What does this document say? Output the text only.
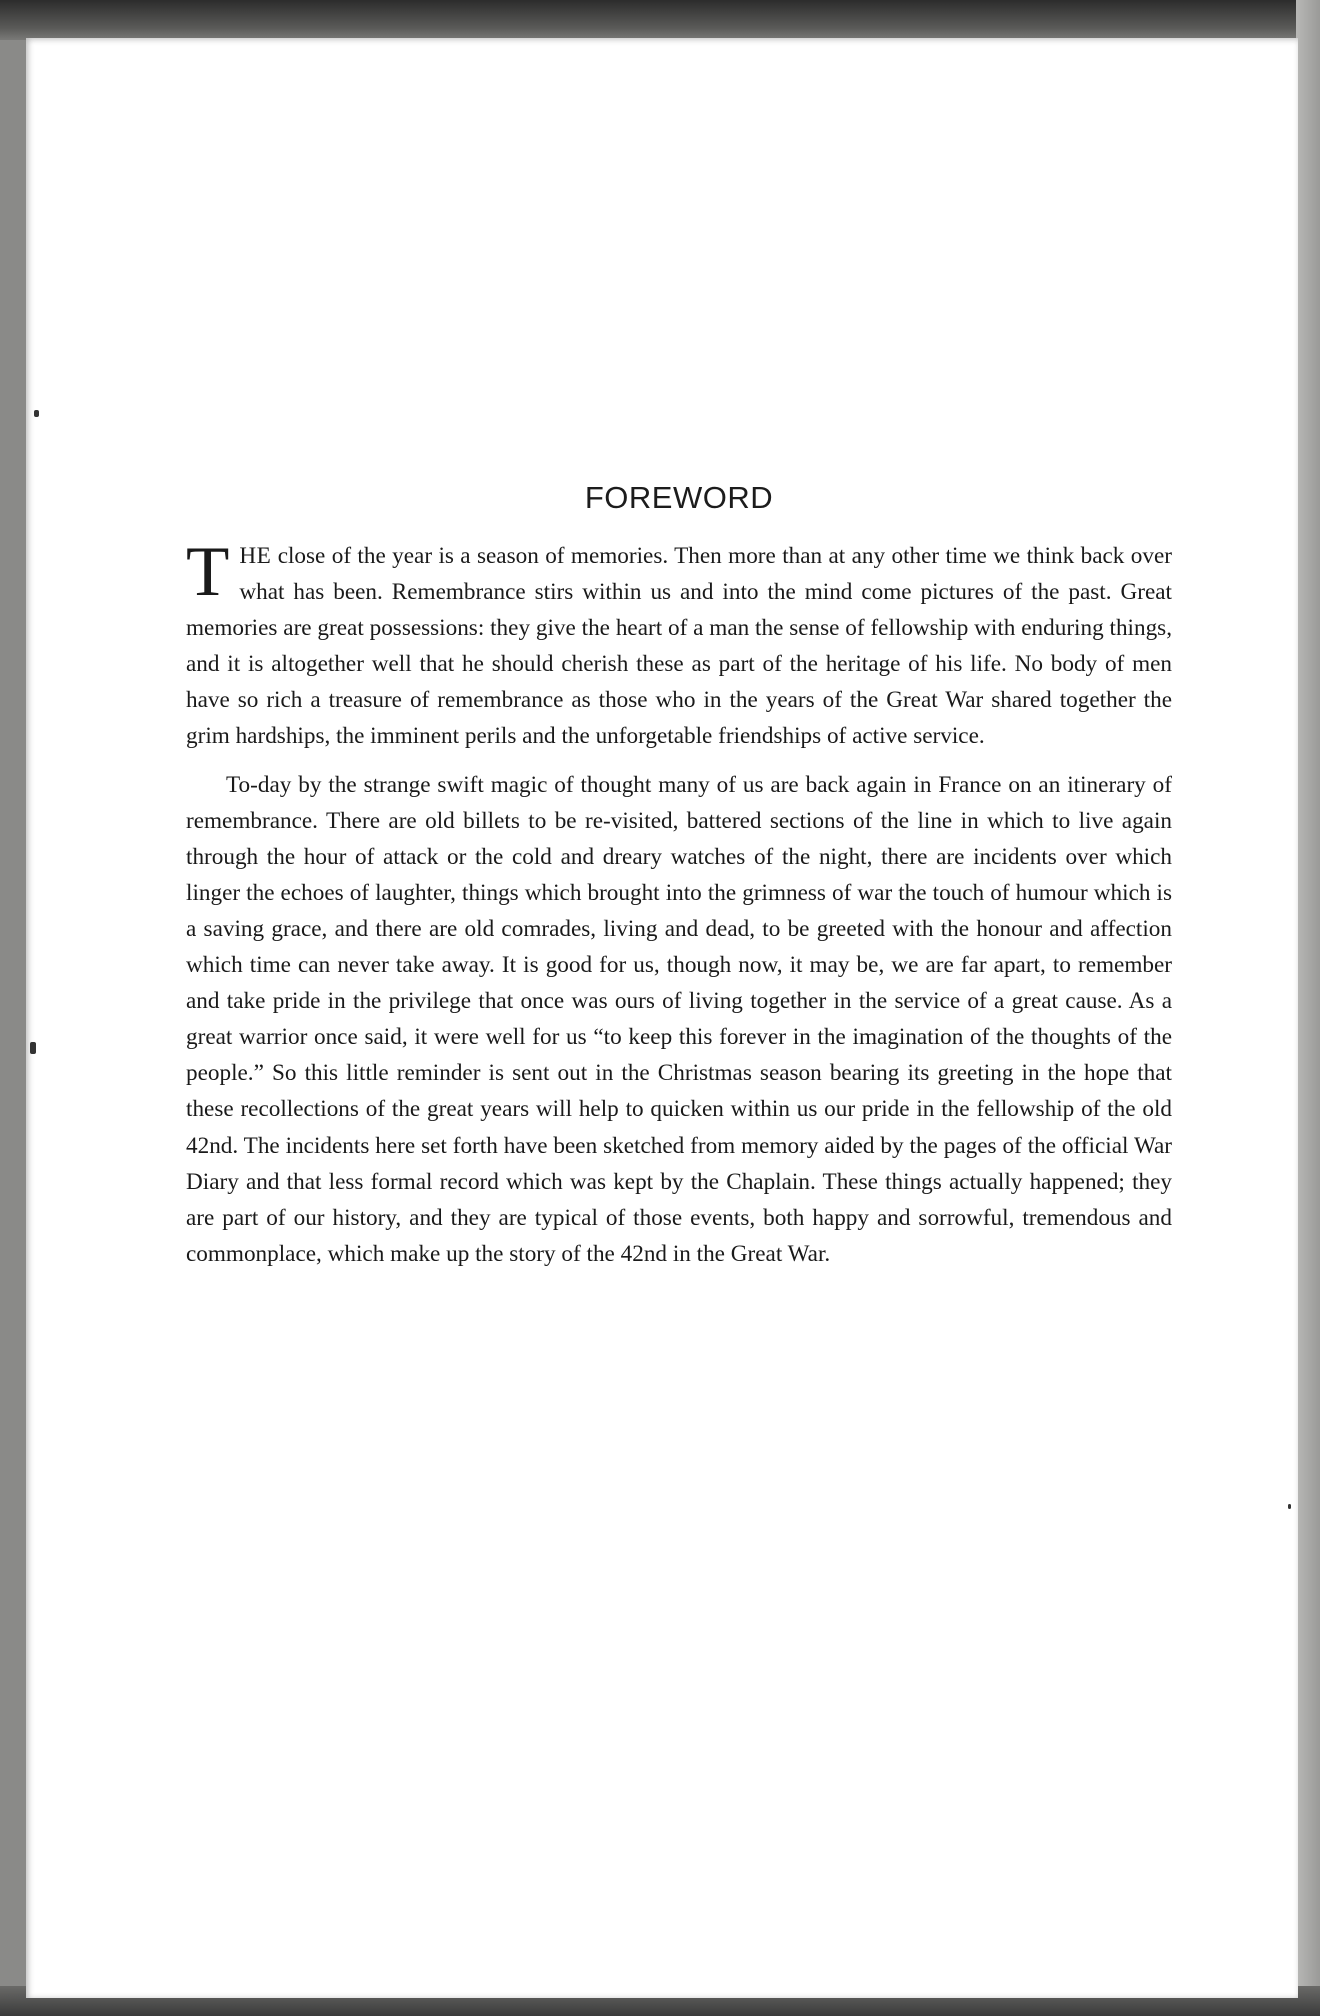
FOREWORD

THE close of the year is a season of memories. Then more than at any other time we think back over what has been. Remembrance stirs within us and into the mind come pictures of the past. Great memories are great possessions: they give the heart of a man the sense of fellowship with enduring things, and it is altogether well that he should cherish these as part of the heritage of his life. No body of men have so rich a treasure of remembrance as those who in the years of the Great War shared together the grim hardships, the imminent perils and the unforgetable friendships of active service.

To-day by the strange swift magic of thought many of us are back again in France on an itinerary of remembrance. There are old billets to be re-visited, battered sections of the line in which to live again through the hour of attack or the cold and dreary watches of the night, there are incidents over which linger the echoes of laughter, things which brought into the grimness of war the touch of humour which is a saving grace, and there are old comrades, living and dead, to be greeted with the honour and affection which time can never take away. It is good for us, though now, it may be, we are far apart, to remember and take pride in the privilege that once was ours of living together in the service of a great cause. As a great warrior once said, it were well for us “to keep this forever in the imagination of the thoughts of the people.” So this little reminder is sent out in the Christmas season bearing its greeting in the hope that these recollections of the great years will help to quicken within us our pride in the fellowship of the old 42nd. The incidents here set forth have been sketched from memory aided by the pages of the official War Diary and that less formal record which was kept by the Chaplain. These things actually happened; they are part of our history, and they are typical of those events, both happy and sorrowful, tremendous and commonplace, which make up the story of the 42nd in the Great War.
